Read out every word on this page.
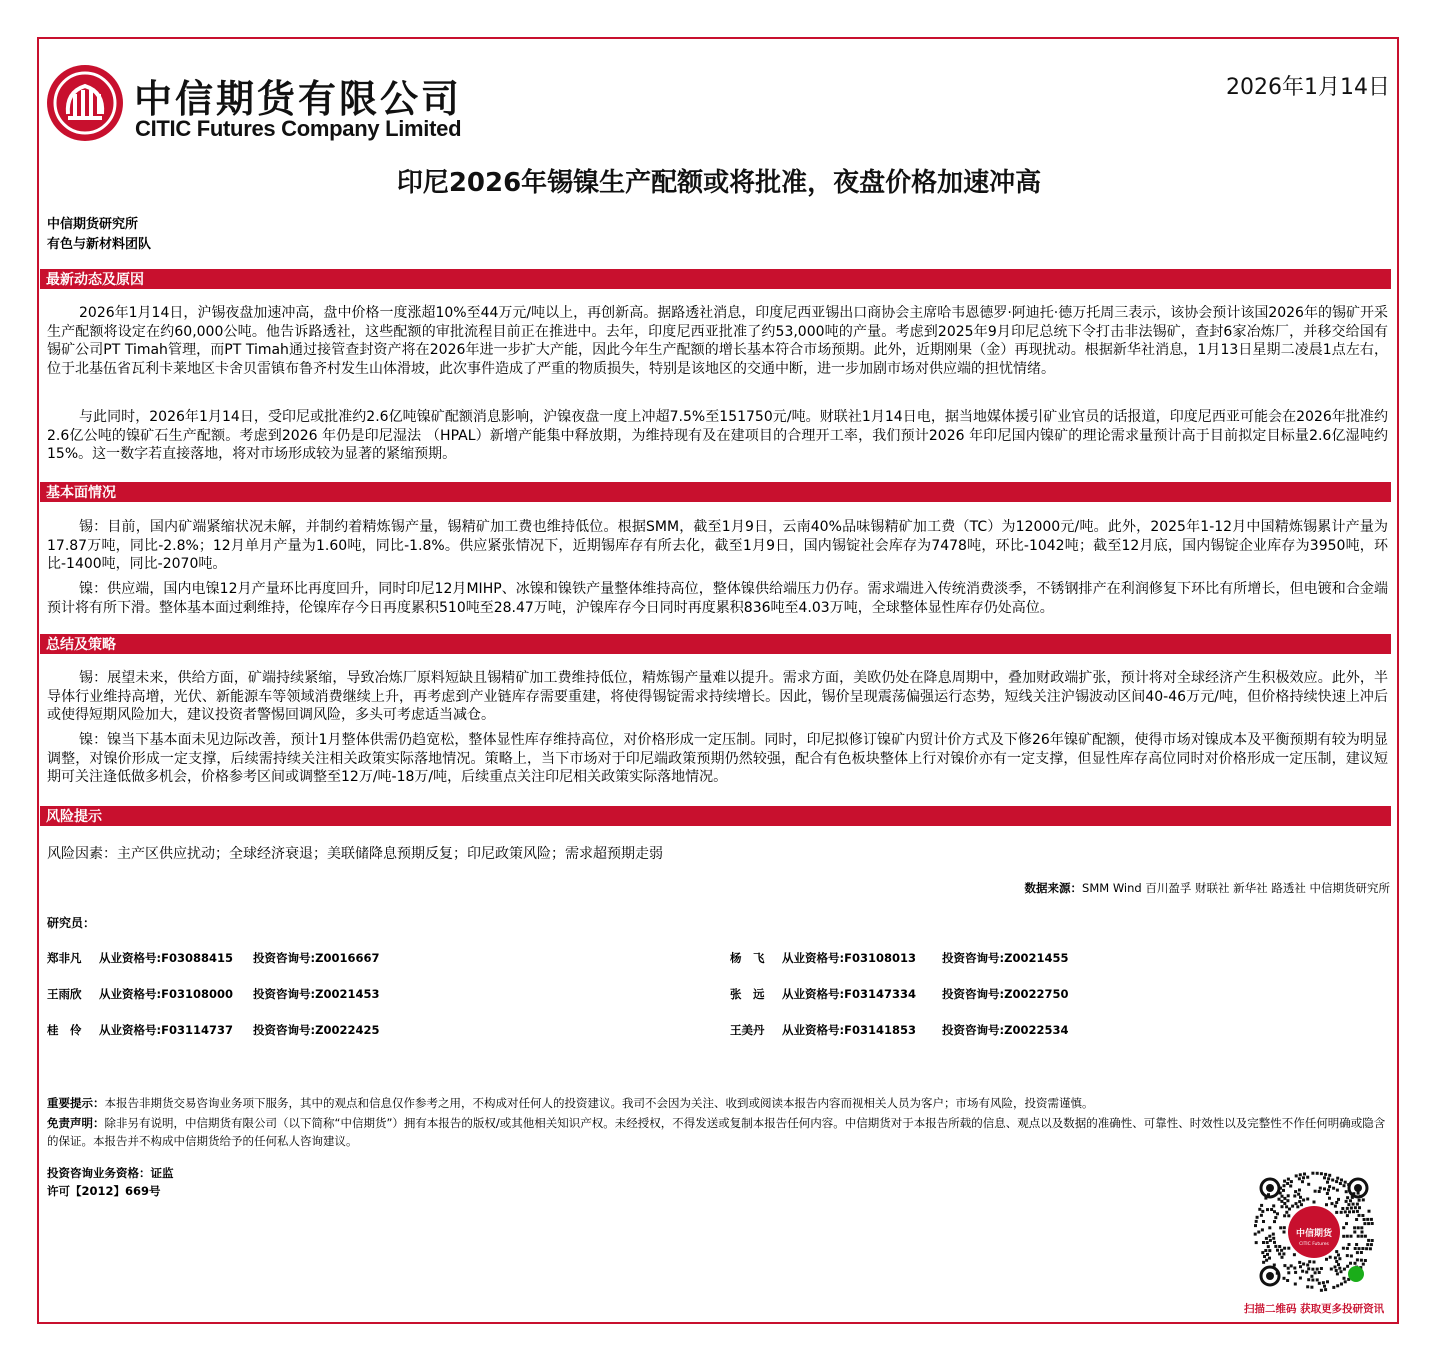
中信期货有限公司
CITIC Futures Company Limited
2026年1月14日
印尼2026年锡镍生产配额或将批准，夜盘价格加速冲高
中信期货研究所
有色与新材料团队
最新动态及原因

2026年1月14日，沪锡夜盘加速冲高，盘中价格一度涨超10%至44万元/吨以上，再创新高。据路透社消息，印度尼西亚锡出口商协会主席哈韦恩德罗·阿迪托·德万托周三表示，该协会预计该国2026年的锡矿开采生产配额将设定在约60,000公吨。他告诉路透社，这些配额的审批流程目前正在推进中。去年，印度尼西亚批准了约53,000吨的产量。考虑到2025年9月印尼总统下令打击非法锡矿，查封6家冶炼厂，并移交给国有锡矿公司PT Timah管理，而PT Timah通过接管查封资产将在2026年进一步扩大产能，因此今年生产配额的增长基本符合市场预期。此外，近期刚果（金）再现扰动。根据新华社消息，1月13日星期二凌晨1点左右，位于北基伍省瓦利卡莱地区卡舍贝雷镇布鲁齐村发生山体滑坡，此次事件造成了严重的物质损失，特别是该地区的交通中断，进一步加剧市场对供应端的担忧情绪。

与此同时，2026年1月14日，受印尼或批准约2.6亿吨镍矿配额消息影响，沪镍夜盘一度上冲超7.5%至151750元/吨。财联社1月14日电，据当地媒体援引矿业官员的话报道，印度尼西亚可能会在2026年批准约2.6亿公吨的镍矿石生产配额。考虑到2026 年仍是印尼湿法 （HPAL）新增产能集中释放期，为维持现有及在建项目的合理开工率，我们预计2026 年印尼国内镍矿的理论需求量预计高于目前拟定目标量2.6亿湿吨约15%。这一数字若直接落地，将对市场形成较为显著的紧缩预期。

基本面情况

锡：目前，国内矿端紧缩状况未解，并制约着精炼锡产量，锡精矿加工费也维持低位。根据SMM，截至1月9日，云南40%品味锡精矿加工费（TC）为12000元/吨。此外，2025年1-12月中国精炼锡累计产量为17.87万吨，同比-2.8%；12月单月产量为1.60吨，同比-1.8%。供应紧张情况下，近期锡库存有所去化，截至1月9日，国内锡锭社会库存为7478吨，环比-1042吨；截至12月底，国内锡锭企业库存为3950吨，环比-1400吨，同比-2070吨。

镍：供应端，国内电镍12月产量环比再度回升，同时印尼12月MIHP、冰镍和镍铁产量整体维持高位，整体镍供给端压力仍存。需求端进入传统消费淡季，不锈钢排产在利润修复下环比有所增长，但电镀和合金端预计将有所下滑。整体基本面过剩维持，伦镍库存今日再度累积510吨至28.47万吨，沪镍库存今日同时再度累积836吨至4.03万吨，全球整体显性库存仍处高位。

总结及策略

锡：展望未来，供给方面，矿端持续紧缩，导致冶炼厂原料短缺且锡精矿加工费维持低位，精炼锡产量难以提升。需求方面，美欧仍处在降息周期中，叠加财政端扩张，预计将对全球经济产生积极效应。此外，半导体行业维持高增，光伏、新能源车等领域消费继续上升，再考虑到产业链库存需要重建，将使得锡锭需求持续增长。因此，锡价呈现震荡偏强运行态势，短线关注沪锡波动区间40-46万元/吨，但价格持续快速上冲后或使得短期风险加大，建议投资者警惕回调风险，多头可考虑适当减仓。

镍：镍当下基本面未见边际改善，预计1月整体供需仍趋宽松，整体显性库存维持高位，对价格形成一定压制。同时，印尼拟修订镍矿内贸计价方式及下修26年镍矿配额，使得市场对镍成本及平衡预期有较为明显调整，对镍价形成一定支撑，后续需持续关注相关政策实际落地情况。策略上，当下市场对于印尼端政策预期仍然较强，配合有色板块整体上行对镍价亦有一定支撑，但显性库存高位同时对价格形成一定压制，建议短期可关注逢低做多机会，价格参考区间或调整至12万/吨-18万/吨，后续重点关注印尼相关政策实际落地情况。

风险提示
风险因素：主产区供应扰动；全球经济衰退；美联储降息预期反复；印尼政策风险；需求超预期走弱
数据来源：SMM Wind 百川盈孚 财联社 新华社 路透社 中信期货研究所
研究员：
郑非凡 从业资格号:F03088415 投资咨询号:Z0016667
王雨欣 从业资格号:F03108000 投资咨询号:Z0021453
桂　伶 从业资格号:F03114737 投资咨询号:Z0022425
杨　飞 从业资格号:F03108013 投资咨询号:Z0021455
张　远 从业资格号:F03147334 投资咨询号:Z0022750
王美丹 从业资格号:F03141853 投资咨询号:Z0022534
重要提示：本报告非期货交易咨询业务项下服务，其中的观点和信息仅作参考之用，不构成对任何人的投资建议。我司不会因为关注、收到或阅读本报告内容而视相关人员为客户；市场有风险，投资需谨慎。
免责声明：除非另有说明，中信期货有限公司（以下简称“中信期货”）拥有本报告的版权/或其他相关知识产权。未经授权，不得发送或复制本报告任何内容。中信期货对于本报告所载的信息、观点以及数据的准确性、可靠性、时效性以及完整性不作任何明确或隐含的保证。本报告并不构成中信期货给予的任何私人咨询建议。
投资咨询业务资格：证监
许可【2012】669号
中信期货
CITIC Futures
扫描二维码 获取更多投研资讯
